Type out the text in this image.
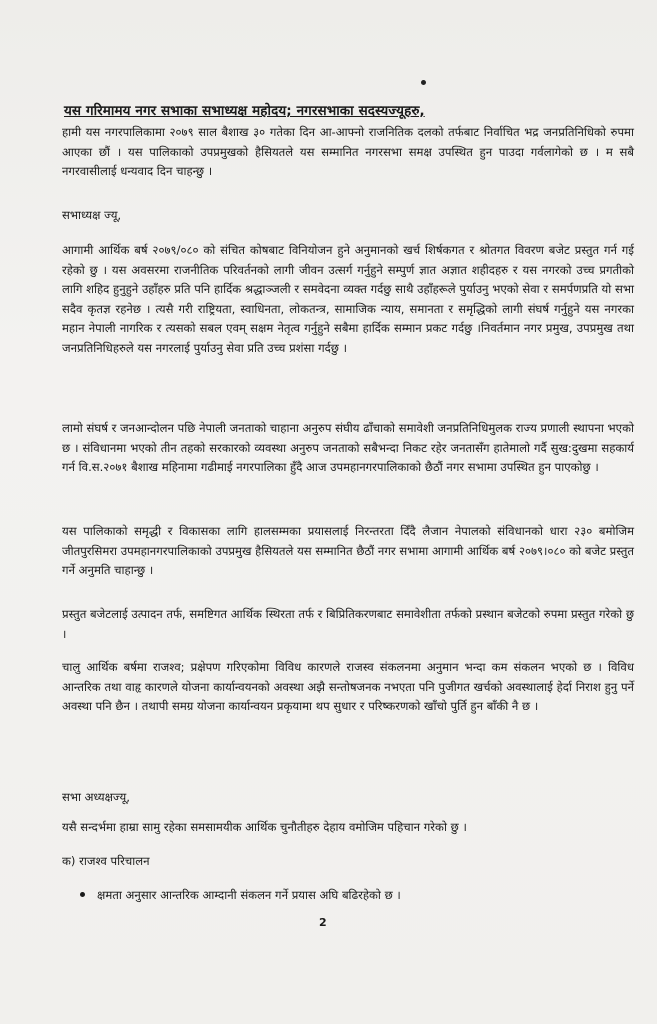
यस गरिमामय नगर सभाका सभाध्यक्ष महोदय; नगरसभाका सदस्यज्यूहरु,

हामी यस नगरपालिकामा २०७९ साल बैशाख ३० गतेका दिन आ-आफ्नो राजनितिक दलको तर्फबाट निर्वाचित भद्र जनप्रतिनिधिको रुपमा आएका छौं । यस पालिकाको उपप्रमुखको हैसियतले यस सम्मानित नगरसभा समक्ष उपस्थित हुन पाउदा गर्वलागेको छ । म सबै नगरवासीलाई धन्यवाद दिन चाहन्छु ।

सभाध्यक्ष ज्यू,

आगामी आर्थिक बर्ष २०७९/०८० को संचित कोषबाट विनियोजन हुने अनुमानको खर्च शिर्षकगत र श्रोतगत विवरण बजेट प्रस्तुत गर्न गई रहेको छु । यस अवसरमा राजनीतिक परिवर्तनको लागी जीवन उत्सर्ग गर्नुहुने सम्पुर्ण ज्ञात अज्ञात शहीदहरु र यस नगरको उच्च प्रगतीको लागि शहिद हुनुहुने उहाँहरु प्रति पनि हार्दिक श्रद्धाञ्जली र समवेदना व्यक्त गर्दछु साथै उहाँहरूले पुर्याउनु भएको सेवा र समर्पणप्रति यो सभा सदैव कृतज्ञ रहनेछ । त्यसै गरी राष्ट्रियता, स्वाधिनता, लोकतन्त्र, सामाजिक न्याय, समानता र समृद्धिको लागी संघर्ष गर्नुहुने यस नगरका महान नेपाली नागरिक र त्यसको सबल एवम् सक्षम नेतृत्व गर्नुहुने सबैमा हार्दिक सम्मान प्रकट गर्दछु ।निवर्तमान नगर प्रमुख, उपप्रमुख तथा जनप्रतिनिधिहरुले यस नगरलाई पुर्याउनु सेवा प्रति उच्च प्रशंसा गर्दछु ।

लामो संघर्ष र जनआन्दोलन पछि नेपाली जनताको चाहाना अनुरुप संघीय ढाँचाको समावेशी जनप्रतिनिधिमुलक राज्य प्रणाली स्थापना भएको छ । संविधानमा भएको तीन तहको सरकारको व्यवस्था अनुरुप जनताको सबैभन्दा निकट रहेर जनतासँग हातेमालो गर्दै सुख:दुखमा सहकार्य गर्न वि.स.२०७१ बैशाख महिनामा गढीमाई नगरपालिका हुँदै आज उपमहानगरपालिकाको छैठौं नगर सभामा उपस्थित हुन पाएकोछु ।

यस पालिकाको समृद्धी र विकासका लागि हालसम्मका प्रयासलाई निरन्तरता दिँदै लैजान नेपालको संविधानको धारा २३० बमोजिम जीतपुरसिमरा उपमहानगरपालिकाको उपप्रमुख हैसियतले यस सम्मानित छैठौं नगर सभामा आगामी आर्थिक बर्ष २०७९।०८० को बजेट प्रस्तुत गर्ने अनुमति चाहान्छु ।

प्रस्तुत बजेटलाई उत्पादन तर्फ, समष्टिगत आर्थिक स्थिरता तर्फ र बिप्रितिकरणबाट समावेशीता तर्फको प्रस्थान बजेटको रुपमा प्रस्तुत गरेको छु ।

चालु आर्थिक बर्षमा राजश्व; प्रक्षेपण गरिएकोमा विविध कारणले राजस्व संकलनमा अनुमान भन्दा कम संकलन भएको छ । विविध आन्तरिक तथा वाहृ कारणले योजना कार्यान्वयनको अवस्था अझै सन्तोषजनक नभएता पनि पुजीगत खर्चको अवस्थालाई हेर्दा निराश हुनु पर्ने अवस्था पनि छैन । तथापी समग्र योजना कार्यान्वयन प्रकृयामा थप सुधार र परिष्करणको खाँचो पुर्ति हुन बाँकी नै छ ।

सभा अध्यक्षज्यू,
यसै सन्दर्भमा हाम्रा सामु रहेका समसामयीक आर्थिक चुनौतीहरु देहाय वमोजिम पहिचान गरेको छु ।
क) राजश्व परिचालन
क्षमता अनुसार आन्तरिक आम्दानी संकलन गर्ने प्रयास अघि बढिरहेको छ ।
2
